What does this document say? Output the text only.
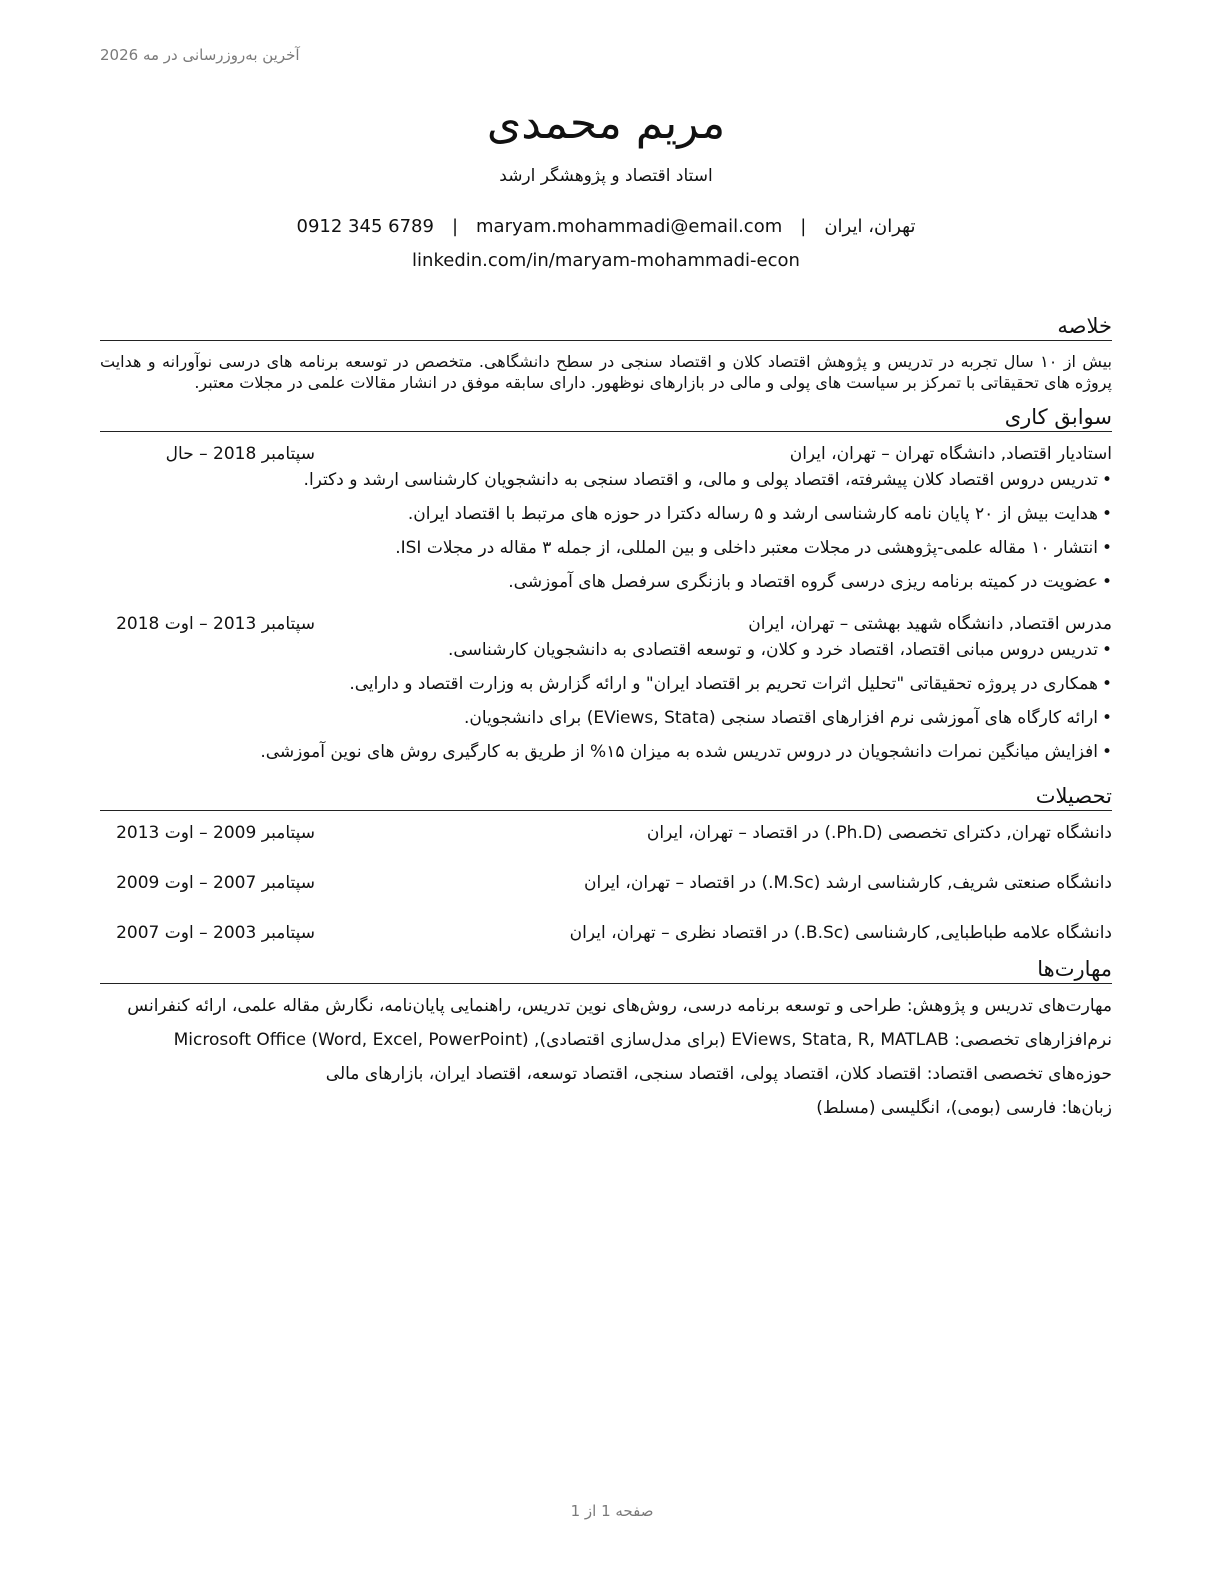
آخرین به‌روزرسانی در مه 2026
مریم محمدی
استاد اقتصاد و پژوهشگر ارشد
0912 345 6789 | maryam.mohammadi@email.com | تهران، ایران
linkedin.com/in/maryam-mohammadi-econ
خلاصه

بیش از ۱۰ سال تجربه در تدریس و پژوهش اقتصاد کلان و اقتصاد سنجی در سطح دانشگاهی. متخصص در توسعه برنامه های درسی نوآورانه و هدایت پروژه های تحقیقاتی با تمرکز بر سیاست های پولی و مالی در بازارهای نوظهور. دارای سابقه موفق در انشار مقالات علمی در مجلات معتبر.

سوابق کاری
استادیار اقتصاد, دانشگاه تهران – تهران، ایران
سپتامبر 2018 – حال
•تدریس دروس اقتصاد کلان پیشرفته، اقتصاد پولی و مالی، و اقتصاد سنجی به دانشجویان کارشناسی ارشد و دکترا.
•هدایت بیش از ۲۰ پایان نامه کارشناسی ارشد و ۵ رساله دکترا در حوزه های مرتبط با اقتصاد ایران.
•انتشار ۱۰ مقاله علمی-پژوهشی در مجلات معتبر داخلی و بین المللی، از جمله ۳ مقاله در مجلات ISI.
•عضویت در کمیته برنامه ریزی درسی گروه اقتصاد و بازنگری سرفصل های آموزشی.
مدرس اقتصاد, دانشگاه شهید بهشتی – تهران، ایران
سپتامبر 2013 – اوت 2018
•تدریس دروس مبانی اقتصاد، اقتصاد خرد و کلان، و توسعه اقتصادی به دانشجویان کارشناسی.
•همکاری در پروژه تحقیقاتی "تحلیل اثرات تحریم بر اقتصاد ایران" و ارائه گزارش به وزارت اقتصاد و دارایی.
•ارائه کارگاه های آموزشی نرم افزارهای اقتصاد سنجی (EViews, Stata) برای دانشجویان.
•افزایش میانگین نمرات دانشجویان در دروس تدریس شده به میزان ۱۵% از طریق به کارگیری روش های نوین آموزشی.
تحصیلات
دانشگاه تهران, دکترای تخصصی (Ph.D.) در اقتصاد – تهران، ایران
سپتامبر 2009 – اوت 2013
دانشگاه صنعتی شریف, کارشناسی ارشد (M.Sc.) در اقتصاد – تهران، ایران
سپتامبر 2007 – اوت 2009
دانشگاه علامه طباطبایی, کارشناسی (B.Sc.) در اقتصاد نظری – تهران، ایران
سپتامبر 2003 – اوت 2007
مهارت‌ها

مهارت‌های تدریس و پژوهش: طراحی و توسعه برنامه درسی، روش‌های نوین تدریس، راهنمایی پایان‌نامه، نگارش مقاله علمی، ارائه کنفرانس

نرم‌افزارهای تخصصی: EViews, Stata, R, MATLAB (برای مدل‌سازی اقتصادی), Microsoft Office (Word, Excel, PowerPoint)

حوزه‌های تخصصی اقتصاد: اقتصاد کلان، اقتصاد پولی، اقتصاد سنجی، اقتصاد توسعه، اقتصاد ایران، بازارهای مالی

زبان‌ها: فارسی (بومی)، انگلیسی (مسلط)

صفحه 1 از 1
